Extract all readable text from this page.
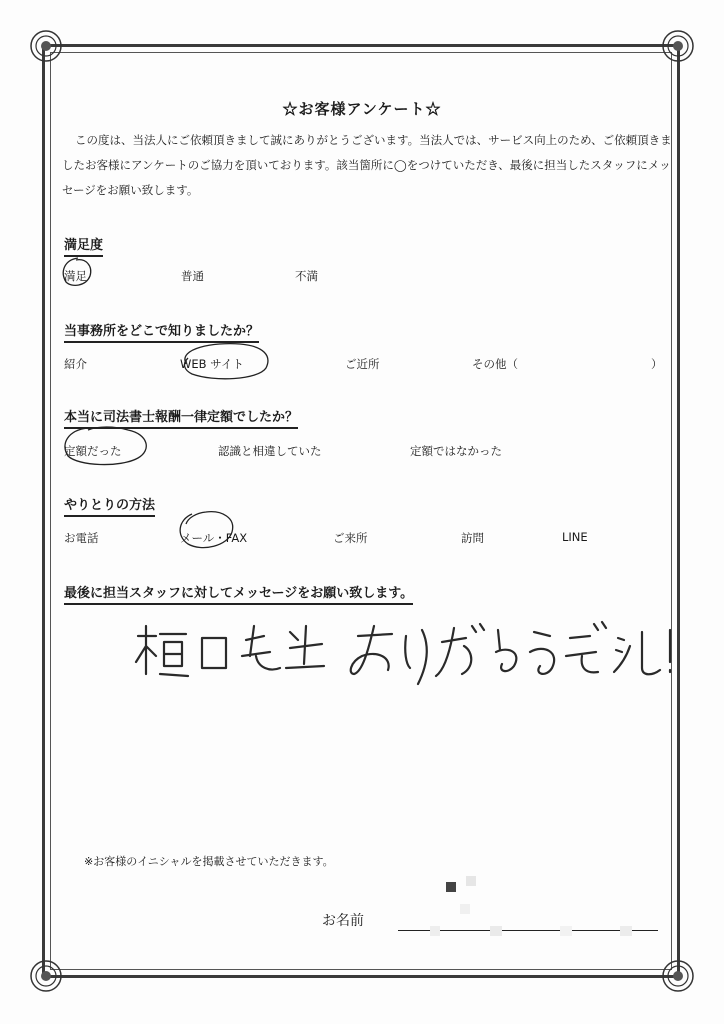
☆お客様アンケート☆
この度は、当法人にご依頼頂きまして誠にありがとうございます。当法人では、サービス向上のため、ご依頼頂きましたお客様にアンケートのご協力を頂いております。該当箇所に◯をつけていただき、最後に担当したスタッフにメッセージをお願い致します。
満足度
満足	普通	不満
当事務所をどこで知りましたか？
紹介	WEB サイト	ご近所	その他（	）
本当に司法書士報酬一律定額でしたか？
定額だった	認識と相違していた	定額ではなかった
やりとりの方法
お電話	メール・FAX	ご来所	訪問	LINE
最後に担当スタッフに対してメッセージをお願い致します。
※お客様のイニシャルを掲載させていただきます。
お名前
